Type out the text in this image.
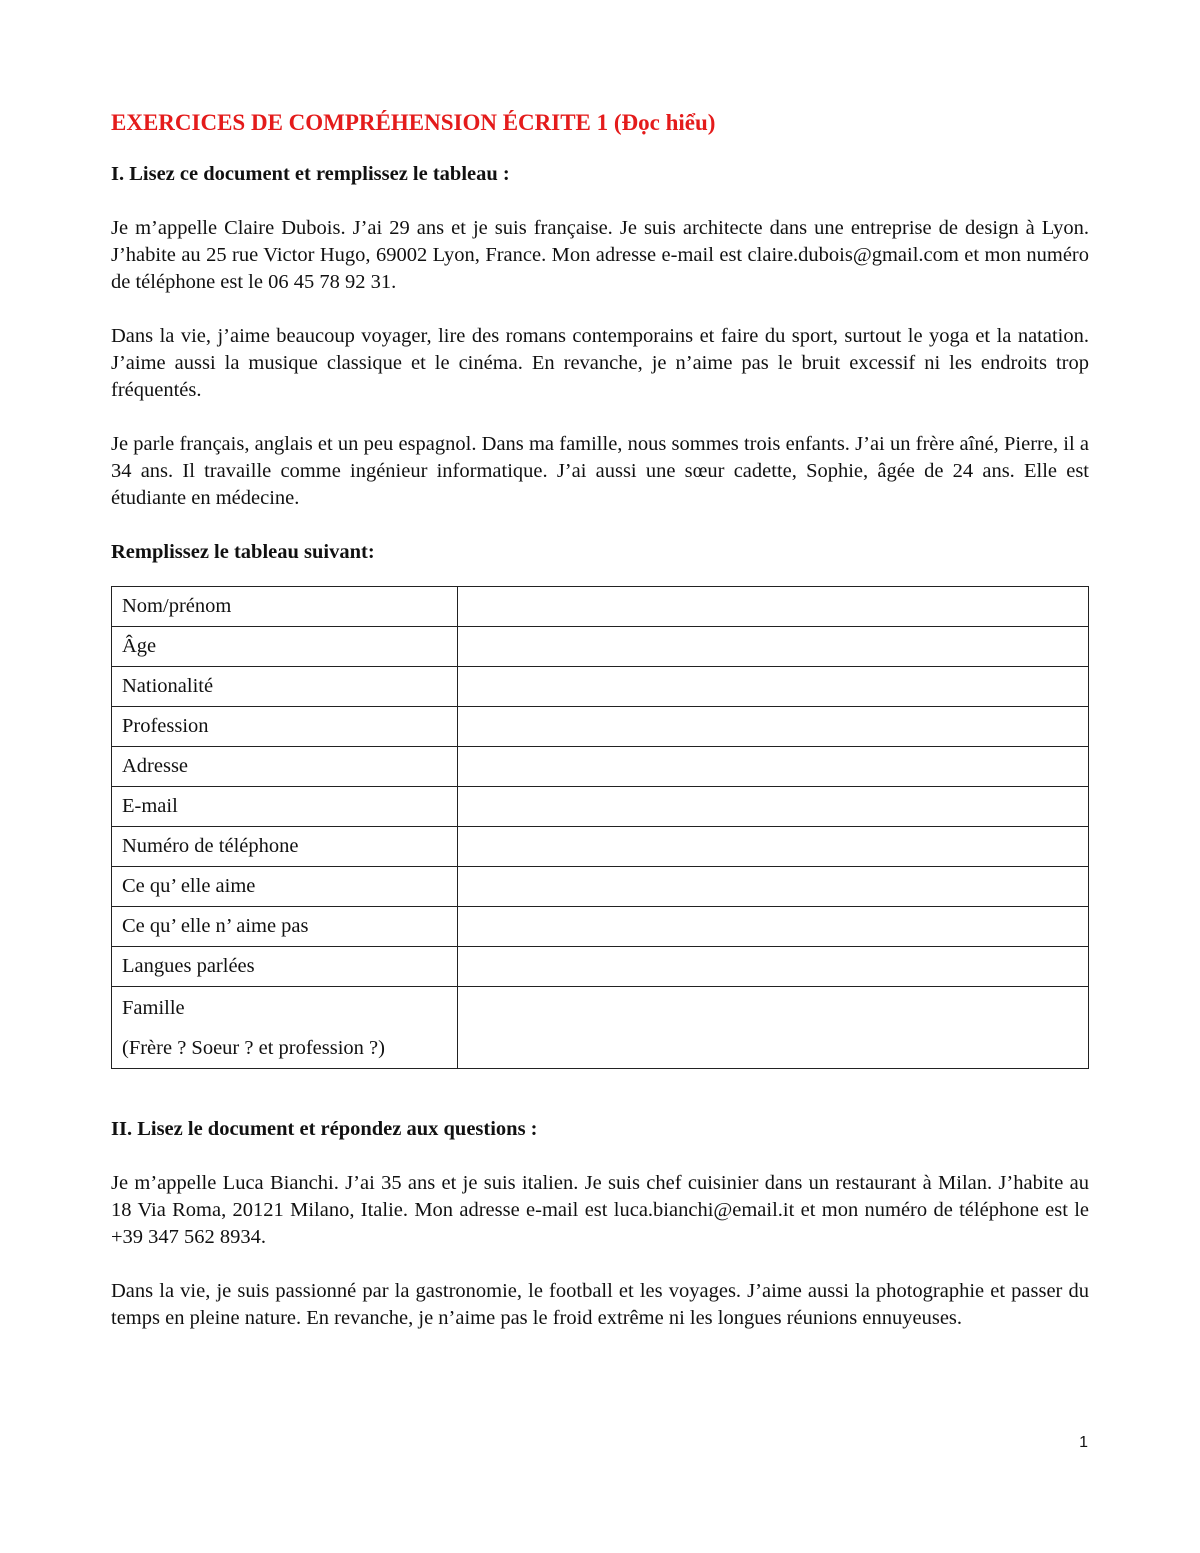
EXERCICES DE COMPRÉHENSION ÉCRITE 1 (Đọc hiểu)
I. Lisez ce document et remplissez le tableau :

Je m’appelle Claire Dubois. J’ai 29 ans et je suis française. Je suis architecte dans une entreprise de design à Lyon. J’habite au 25 rue Victor Hugo, 69002 Lyon, France. Mon adresse e-mail est claire.dubois@gmail.com et mon numéro de téléphone est le 06 45 78 92 31.

Dans la vie, j’aime beaucoup voyager, lire des romans contemporains et faire du sport, surtout le yoga et la natation. J’aime aussi la musique classique et le cinéma. En revanche, je n’aime pas le bruit excessif ni les endroits trop fréquentés.

Je parle français, anglais et un peu espagnol. Dans ma famille, nous sommes trois enfants. J’ai un frère aîné, Pierre, il a 34 ans. Il travaille comme ingénieur informatique. J’ai aussi une sœur cadette, Sophie, âgée de 24 ans. Elle est étudiante en médecine.

Remplissez le tableau suivant:
Nom/prénom	
Âge	
Nationalité	
Profession	
Adresse	
E-mail	
Numéro de téléphone	
Ce qu’ elle aime	
Ce qu’ elle n’ aime pas	
Langues parlées	

Famille
(Frère ? Soeur ? et profession ?)	

II. Lisez le document et répondez aux questions :

Je m’appelle Luca Bianchi. J’ai 35 ans et je suis italien. Je suis chef cuisinier dans un restaurant à Milan. J’habite au 18 Via Roma, 20121 Milano, Italie. Mon adresse e-mail est luca.bianchi@email.it et mon numéro de téléphone est le +39 347 562 8934.

Dans la vie, je suis passionné par la gastronomie, le football et les voyages. J’aime aussi la photographie et passer du temps en pleine nature. En revanche, je n’aime pas le froid extrême ni les longues réunions ennuyeuses.

1
